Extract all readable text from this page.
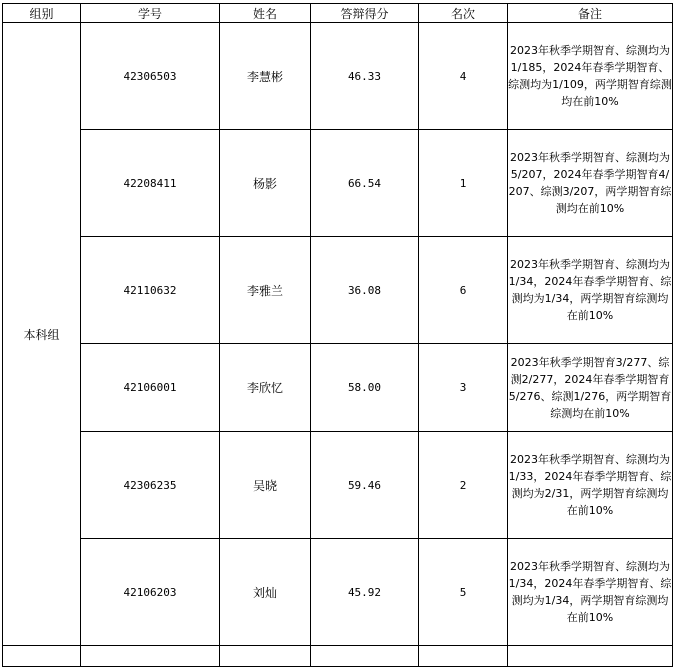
组别	学号	姓名	答辩得分	名次	备注
本科组	42306503	李慧彬	46.33	4	2023年秋季学期智育、综测均为1/185，2024年春季学期智育、综测均为1/109，两学期智育综测均在前10%
	42208411	杨影	66.54	1	2023年秋季学期智育、综测均为5/207，2024年春季学期智育4/207、综测3/207，两学期智育综测均在前10%
	42110632	李雅兰	36.08	6	2023年秋季学期智育、综测均为1/34，2024年春季学期智育、综测均为1/34，两学期智育综测均在前10%
	42106001	李欣忆	58.00	3	2023年秋季学期智育3/277、综测2/277，2024年春季学期智育5/276、综测1/276，两学期智育综测均在前10%
	42306235	吴晓	59.46	2	2023年秋季学期智育、综测均为1/33，2024年春季学期智育、综测均为2/31，两学期智育综测均在前10%
	42106203	刘灿	45.92	5	2023年秋季学期智育、综测均为1/34，2024年春季学期智育、综测均为1/34，两学期智育综测均在前10%
